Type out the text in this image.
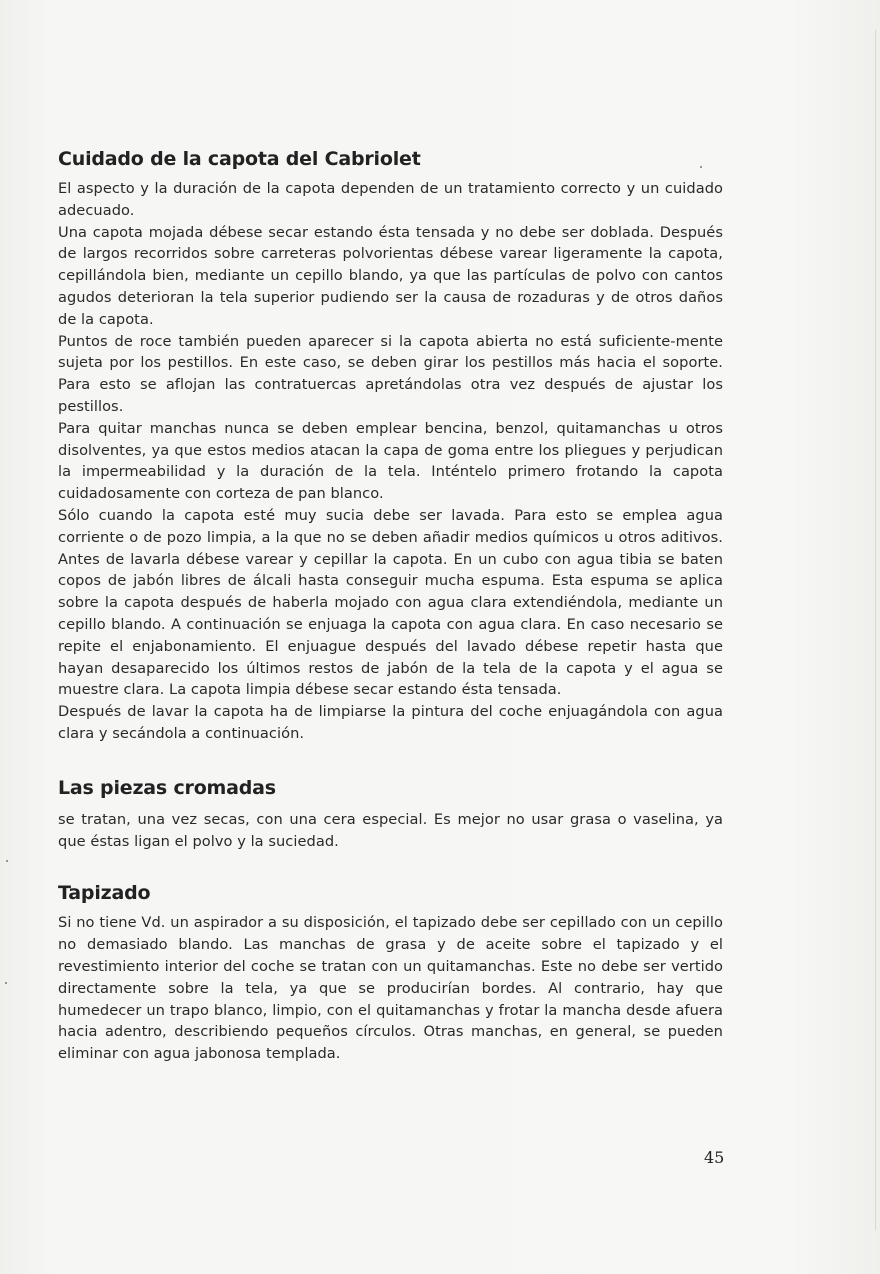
Cuidado de la capota del Cabriolet

El aspecto y la duración de la capota dependen de un tratamiento correcto y un cuidado adecuado.

Una capota mojada débese secar estando ésta tensada y no debe ser doblada. Después de largos recorridos sobre carreteras polvorientas débese varear ligeramente la capota, cepillándola bien, mediante un cepillo blando, ya que las partículas de polvo con cantos agudos deterioran la tela superior pudiendo ser la causa de rozaduras y de otros daños de la capota.

Puntos de roce también pueden aparecer si la capota abierta no está suficiente-mente sujeta por los pestillos. En este caso, se deben girar los pestillos más hacia el soporte. Para esto se aflojan las contratuercas apretándolas otra vez después de ajustar los pestillos.

Para quitar manchas nunca se deben emplear bencina, benzol, quitamanchas u otros disolventes, ya que estos medios atacan la capa de goma entre los pliegues y perjudican la impermeabilidad y la duración de la tela. Inténtelo primero frotando la capota cuidadosamente con corteza de pan blanco.

Sólo cuando la capota esté muy sucia debe ser lavada. Para esto se emplea agua corriente o de pozo limpia, a la que no se deben añadir medios químicos u otros aditivos. Antes de lavarla débese varear y cepillar la capota. En un cubo con agua tibia se baten copos de jabón libres de álcali hasta conseguir mucha espuma. Esta espuma se aplica sobre la capota después de haberla mojado con agua clara extendiéndola, mediante un cepillo blando. A continuación se enjuaga la capota con agua clara. En caso necesario se repite el enjabonamiento. El enjuague después del lavado débese repetir hasta que hayan desaparecido los últimos restos de jabón de la tela de la capota y el agua se muestre clara. La capota limpia débese secar estando ésta tensada.

Después de lavar la capota ha de limpiarse la pintura del coche enjuagándola con agua clara y secándola a continuación.

Las piezas cromadas

se tratan, una vez secas, con una cera especial. Es mejor no usar grasa o vaselina, ya que éstas ligan el polvo y la suciedad.

Tapizado

Si no tiene Vd. un aspirador a su disposición, el tapizado debe ser cepillado con un cepillo no demasiado blando. Las manchas de grasa y de aceite sobre el tapizado y el revestimiento interior del coche se tratan con un quitamanchas. Este no debe ser vertido directamente sobre la tela, ya que se producirían bordes. Al contrario, hay que humedecer un trapo blanco, limpio, con el quitamanchas y frotar la mancha desde afuera hacia adentro, describiendo pequeños círculos. Otras manchas, en general, se pueden eliminar con agua jabonosa templada.

45
